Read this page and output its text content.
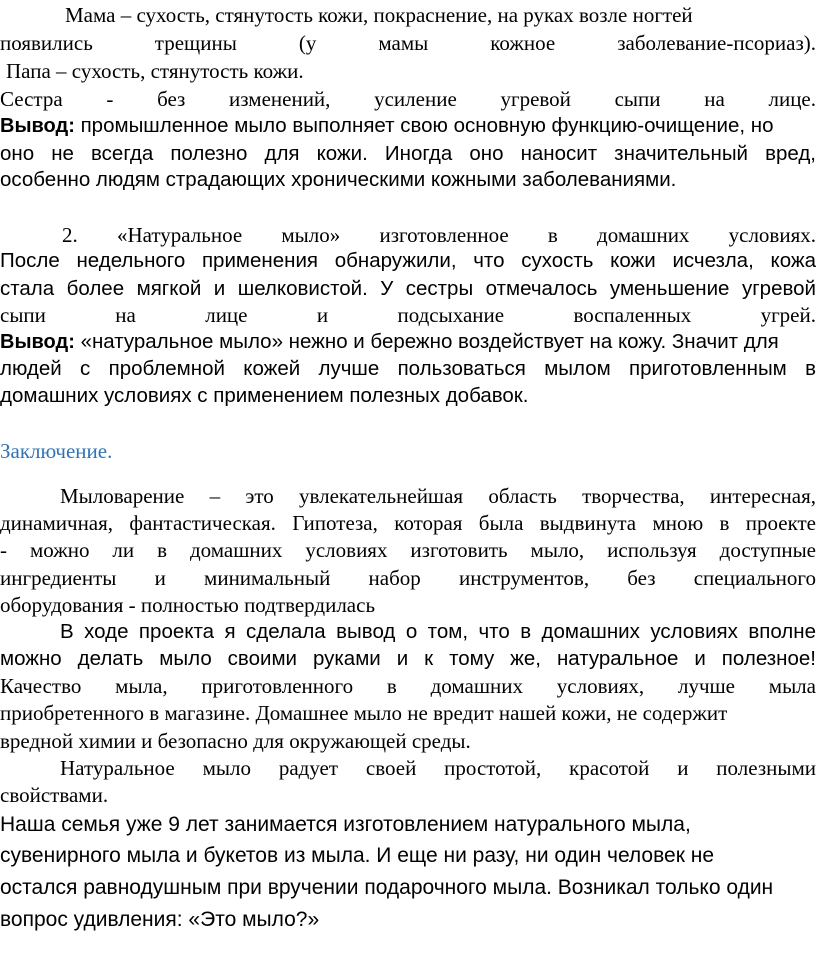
Мама – сухость, стянутость кожи, покраснение, на руках возле ногтей
появились трещины (у мамы кожное заболевание-псориаз).
Папа – сухость, стянутость кожи.
Сестра - без изменений, усиление угревой сыпи на лице.
Вывод: промышленное мыло выполняет свою основную функцию-очищение, но
оно не всегда полезно для кожи. Иногда оно наносит значительный вред,
особенно людям страдающих хроническими кожными заболеваниями.
2. «Натуральное мыло» изготовленное в домашних условиях.
После недельного применения обнаружили, что сухость кожи исчезла, кожа
стала более мягкой и шелковистой. У сестры отмечалось уменьшение угревой
сыпи на лице и подсыхание воспаленных угрей.
Вывод: «натуральное мыло» нежно и бережно воздействует на кожу. Значит для
людей с проблемной кожей лучше пользоваться мылом приготовленным в
домашних условиях с применением полезных добавок.
Заключение.
Мыловарение – это увлекательнейшая область творчества, интересная,
динамичная, фантастическая. Гипотеза, которая была выдвинута мною в проекте
- можно ли в домашних условиях изготовить мыло, используя доступные
ингредиенты и минимальный набор инструментов, без специального
оборудования - полностью подтвердилась
В ходе проекта я сделала вывод о том, что в домашних условиях вполне
можно делать мыло своими руками и к тому же, натуральное и полезное!
Качество мыла, приготовленного в домашних условиях, лучше мыла
приобретенного в магазине. Домашнее мыло не вредит нашей кожи, не содержит
вредной химии и безопасно для окружающей среды.
Натуральное мыло радует своей простотой, красотой и полезными
свойствами.
Наша семья уже 9 лет занимается изготовлением натурального мыла,
сувенирного мыла и букетов из мыла. И еще ни разу, ни один человек не
остался равнодушным при вручении подарочного мыла. Возникал только один
вопрос удивления: «Это мыло?»
